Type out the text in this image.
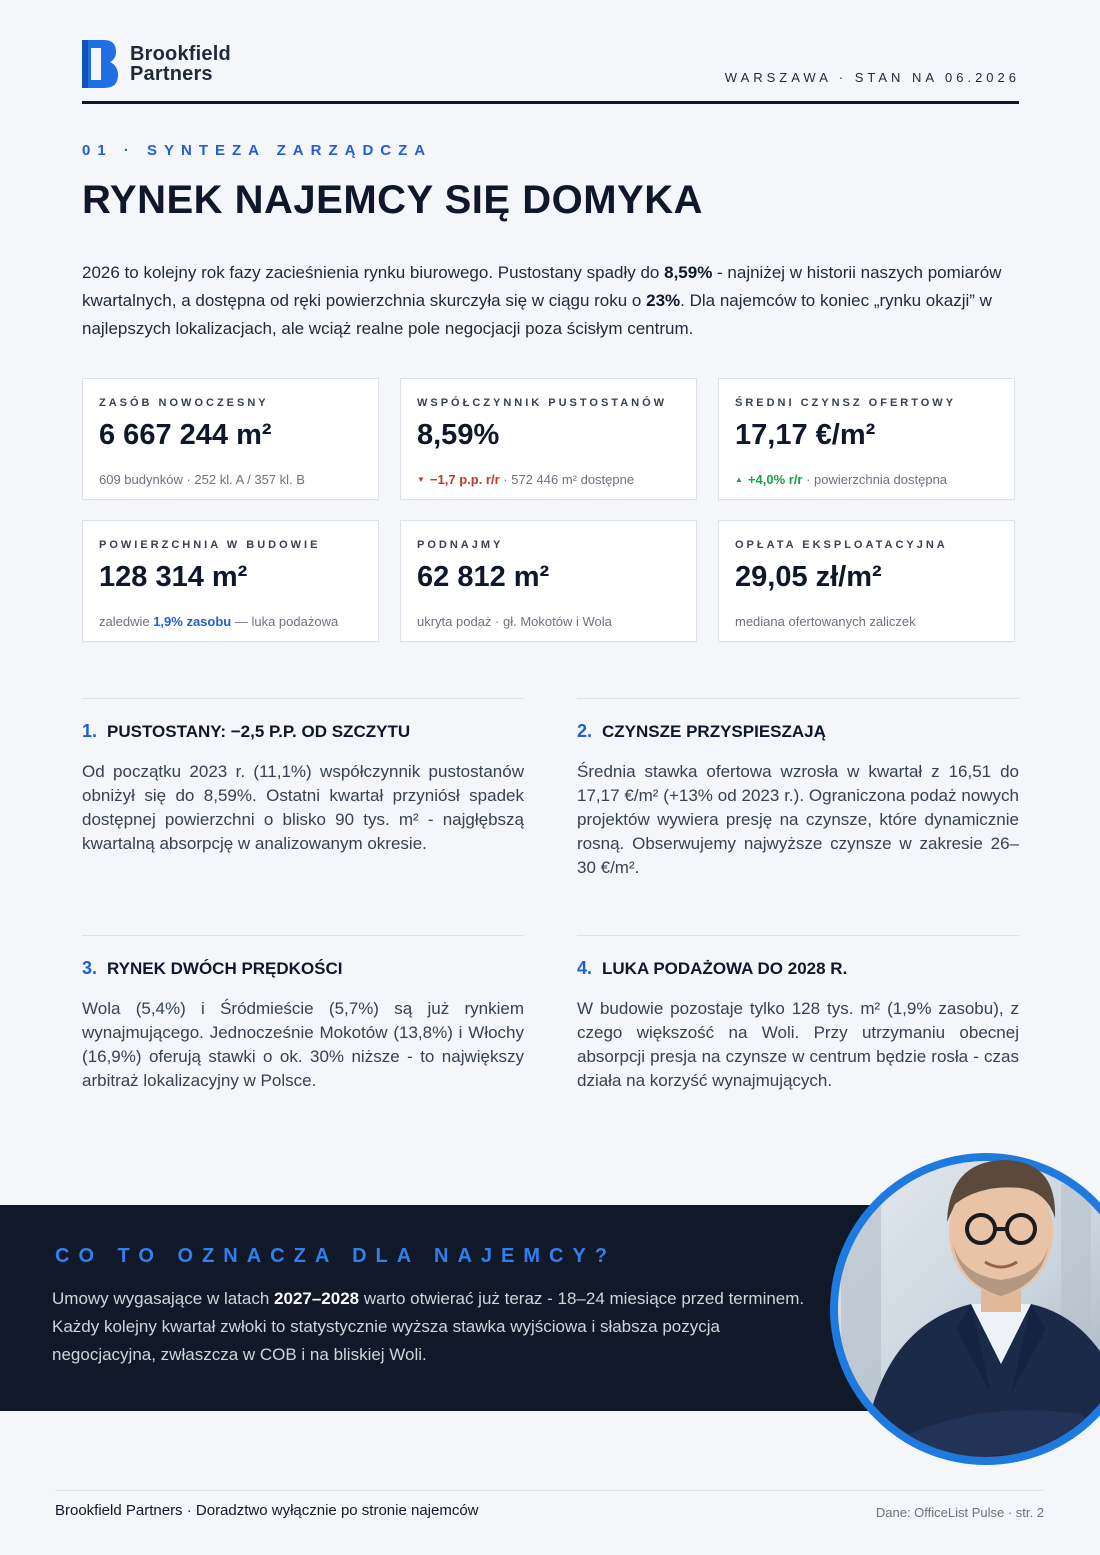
Brookfield
Partners	WARSZAWA · STAN NA 06.2026
01 · SYNTEZA ZARZĄDCZA
RYNEK NAJEMCY SIĘ DOMYKA

2026 to kolejny rok fazy zacieśnienia rynku biurowego. Pustostany spadły do 8,59% - najniżej w historii naszych pomiarów kwartalnych, a dostępna od ręki powierzchnia skurczyła się w ciągu roku o 23%. Dla najemców to koniec „rynku okazji” w najlepszych lokalizacjach, ale wciąż realne pole negocjacji poza ścisłym centrum.

ZASÓB NOWOCZESNY
6 667 244 m²
609 budynków · 252 kl. A / 357 kl. B
WSPÓŁCZYNNIK PUSTOSTANÓW
8,59%
▼ −1,7 p.p. r/r · 572 446 m² dostępne
ŚREDNI CZYNSZ OFERTOWY
17,17 €/m²
▲ +4,0% r/r · powierzchnia dostępna
POWIERZCHNIA W BUDOWIE
128 314 m²
zaledwie 1,9% zasobu — luka podażowa
PODNAJMY
62 812 m²
ukryta podaż · gł. Mokotów i Wola
OPŁATA EKSPLOATACYJNA
29,05 zł/m²
mediana ofertowanych zaliczek
1. PUSTOSTANY: −2,5 P.P. OD SZCZYTU
Od początku 2023 r. (11,1%) współczynnik pustostanów obniżył się do 8,59%. Ostatni kwartał przyniósł spadek dostępnej powierzchni o blisko 90 tys. m² - najgłębszą kwartalną absorpcję w analizowanym okresie.
2. CZYNSZE PRZYSPIESZAJĄ
Średnia stawka ofertowa wzrosła w kwartał z 16,51 do 17,17 €/m² (+13% od 2023 r.). Ograniczona podaż nowych projektów wywiera presję na czynsze, które dynamicznie rosną. Obserwujemy najwyższe czynsze w zakresie 26–30 €/m².
3. RYNEK DWÓCH PRĘDKOŚCI
Wola (5,4%) i Śródmieście (5,7%) są już rynkiem wynajmującego. Jednocześnie Mokotów (13,8%) i Włochy (16,9%) oferują stawki o ok. 30% niższe - to największy arbitraż lokalizacyjny w Polsce.
4. LUKA PODAŻOWA DO 2028 R.
W budowie pozostaje tylko 128 tys. m² (1,9% zasobu), z czego większość na Woli. Przy utrzymaniu obecnej absorpcji presja na czynsze w centrum będzie rosła - czas działa na korzyść wynajmujących.
CO TO OZNACZA DLA NAJEMCY?

Umowy wygasające w latach 2027–2028 warto otwierać już teraz - 18–24 miesiące przed terminem. Każdy kolejny kwartał zwłoki to statystycznie wyższa stawka wyjściowa i słabsza pozycja negocjacyjna, zwłaszcza w COB i na bliskiej Woli.

Brookfield Partners · Doradztwo wyłącznie po stronie najemców	Dane: OfficeList Pulse · str. 2
